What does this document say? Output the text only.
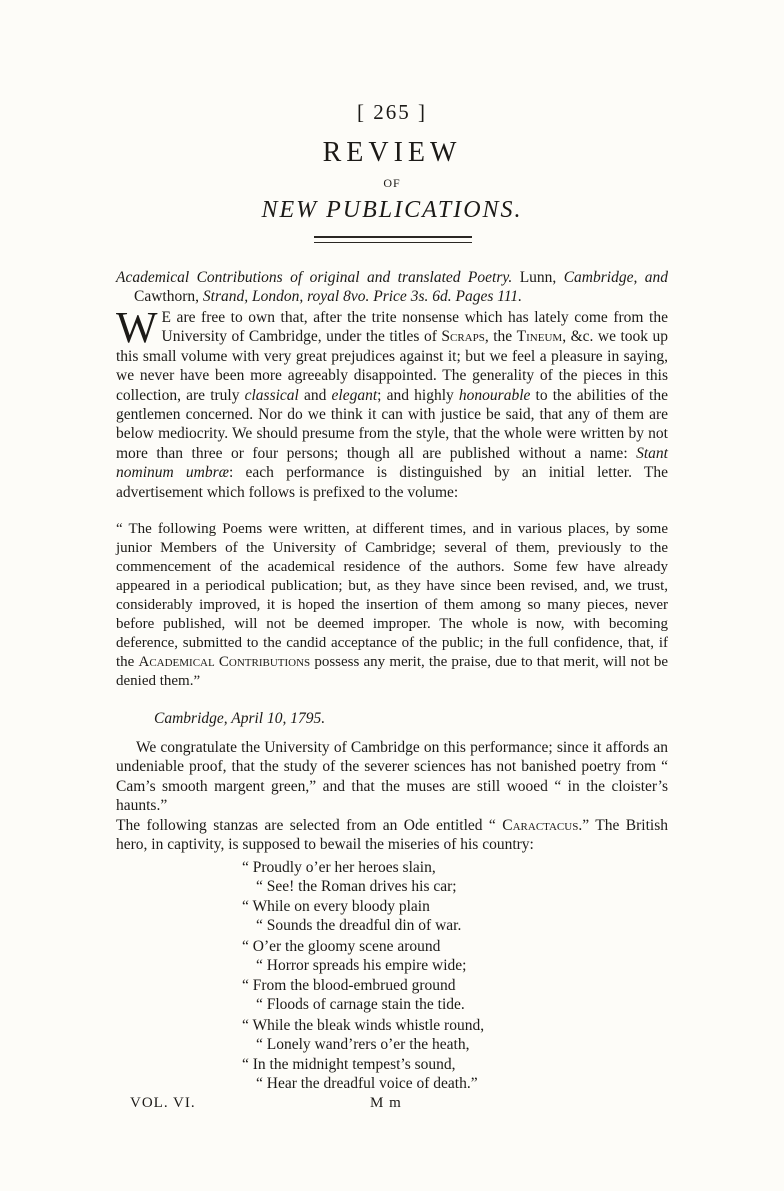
[ 265 ]
REVIEW
OF
NEW PUBLICATIONS.
Academical Contributions of original and translated Poetry. Lunn, Cambridge, and Cawthorn, Strand, London, royal 8vo. Price 3s. 6d. Pages 111.
W E are free to own that, after the trite nonsense which has lately come from the University of Cambridge, under the titles of Scraps, the Tineum, &c. we took up this small volume with very great prejudices against it; but we feel a pleasure in saying, we never have been more agreeably disappointed. The generality of the pieces in this collection, are truly classical and elegant; and highly honourable to the abilities of the gentlemen concerned. Nor do we think it can with justice be said, that any of them are below mediocrity. We should presume from the style, that the whole were written by not more than three or four persons; though all are published without a name: Stant nominum umbræ: each performance is distinguished by an initial letter. The advertisement which follows is prefixed to the volume:
“ The following Poems were written, at different times, and in various places, by some junior Members of the University of Cambridge; several of them, previously to the commencement of the academical residence of the authors. Some few have already appeared in a periodical publication; but, as they have since been revised, and, we trust, considerably improved, it is hoped the insertion of them among so many pieces, never before published, will not be deemed improper. The whole is now, with becoming deference, submitted to the candid acceptance of the public; in the full confidence, that, if the Academical Contributions possess any merit, the praise, due to that merit, will not be denied them.”
Cambridge, April 10, 1795.
We congratulate the University of Cambridge on this performance; since it affords an undeniable proof, that the study of the severer sciences has not banished poetry from “ Cam’s smooth margent green,” and that the muses are still wooed “ in the cloister’s haunts.”
The following stanzas are selected from an Ode entitled “ Caractacus.” The British hero, in captivity, is supposed to bewail the miseries of his country:
“ Proudly o’er her heroes slain,
“ See! the Roman drives his car;
“ While on every bloody plain
“ Sounds the dreadful din of war.
“ O’er the gloomy scene around
“ Horror spreads his empire wide;
“ From the blood-embrued ground
“ Floods of carnage stain the tide.
“ While the bleak winds whistle round,
“ Lonely wand’rers o’er the heath,
“ In the midnight tempest’s sound,
“ Hear the dreadful voice of death.”
VOL. VI.	M m
